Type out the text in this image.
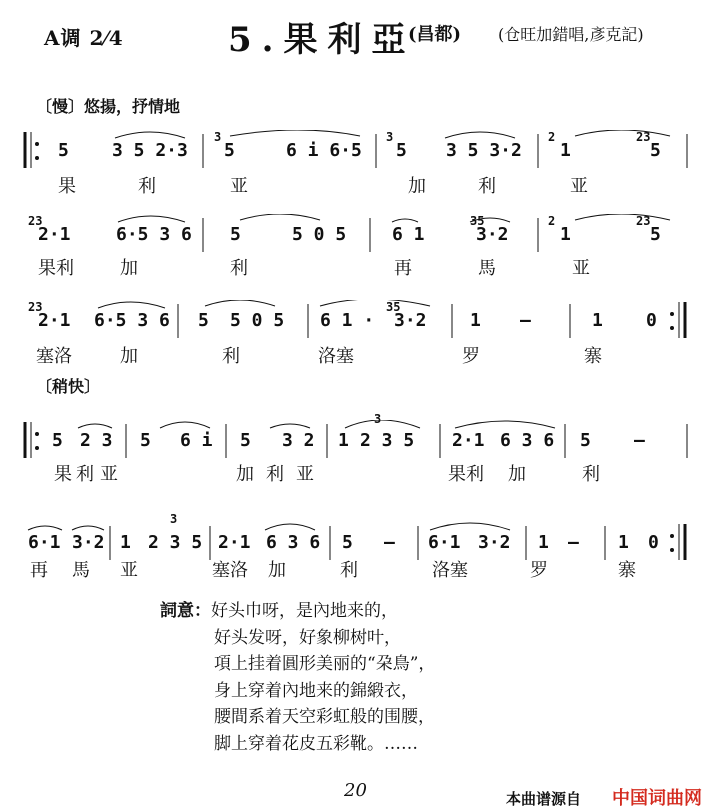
A调 2⁄4	5.果利亞
(昌都) (仓旺加錯唱,彥克記)
〔慢〕悠揚，抒情地
5 3 5 2·3
3
5	6 i 6·5
3
5 3 5 3·2
2
1
23
5
果	利	亚	加	利	亚
23
2·1	6·5 3 6 5	5 0 5	6 1
35
3·2
2
1
23
5
果利	加	利	再	馬	亚
23
2·1 6·5 3 6 5 5 0 5 6 1 ·
35
3·2 1 —	1 0
塞洛	加	利	洛塞	罗	寨
〔稍快〕
5 2 3 5 6 i 5 3 2 1
3
2 3 5 2·1 6 3 6 5 —
果 利 亚	加 利 亚	果利 加	利
6·1 3·2 1
3
2 3 5 2·1 6 3 6 5 — 6·1 3·2 1 — 1 0
再 馬 亚	塞洛 加	利	洛塞	罗	寨
詞意：好头巾呀，是內地来的，
好头发呀，好象柳树叶，
項上挂着圓形美丽的“朶鳥”，
身上穿着內地来的錦緞衣，
腰間系着天空彩虹般的围腰，
脚上穿着花皮五彩靴。……
20	本曲谱源自 中国词曲网
